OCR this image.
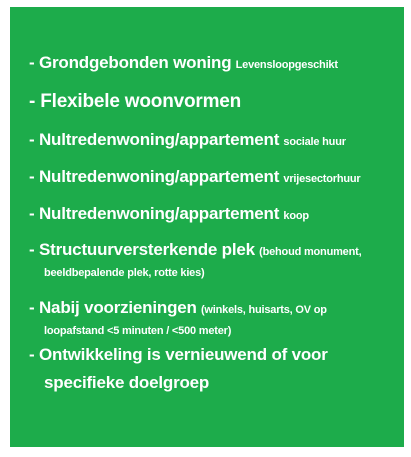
- Grondgebonden woning Levensloopgeschikt
- Flexibele woonvormen
- Nultredenwoning/appartement sociale huur
- Nultredenwoning/appartement vrijesectorhuur
- Nultredenwoning/appartement koop
- Structuurversterkende plek (behoud monument,
beeldbepalende plek, rotte kies)
- Nabij voorzieningen (winkels, huisarts, OV op
loopafstand <5 minuten / <500 meter)
- Ontwikkeling is vernieuwend of voor
specifieke doelgroep
